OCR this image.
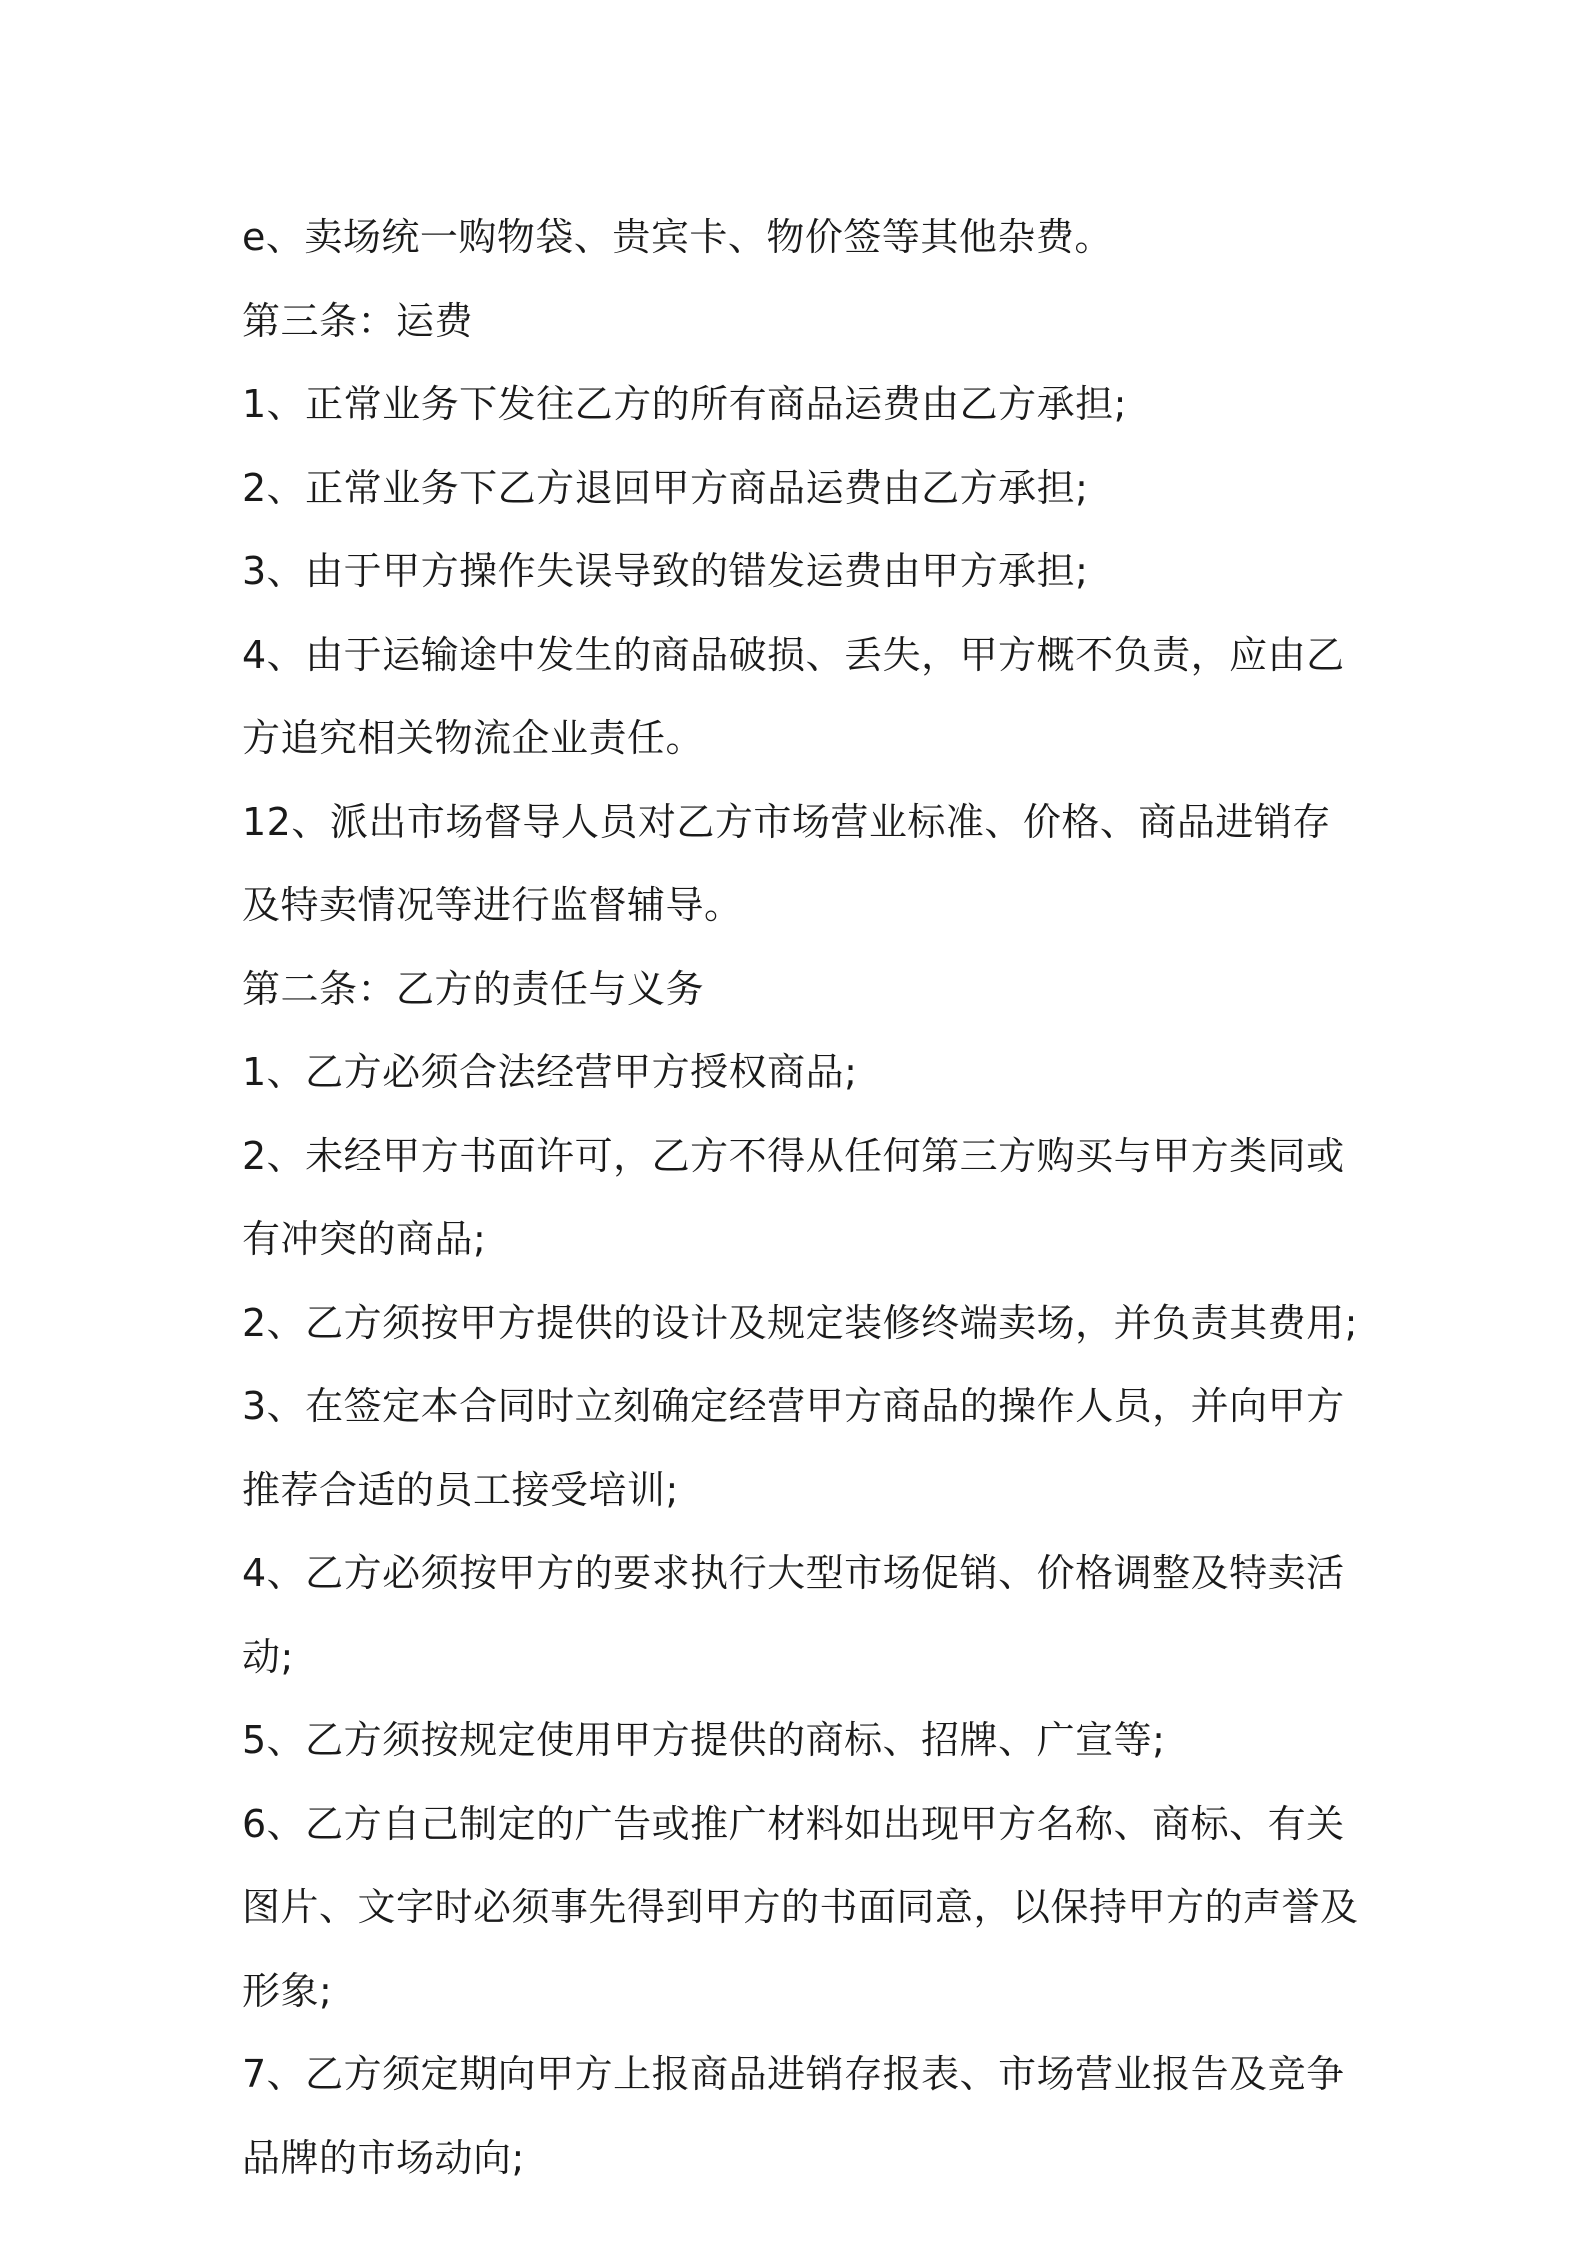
e、卖场统一购物袋、贵宾卡、物价签等其他杂费。

第三条：运费

1、正常业务下发往乙方的所有商品运费由乙方承担;

2、正常业务下乙方退回甲方商品运费由乙方承担;

3、由于甲方操作失误导致的错发运费由甲方承担;

4、由于运输途中发生的商品破损、丢失，甲方概不负责，应由乙方追究相关物流企业责任。

12、派出市场督导人员对乙方市场营业标准、价格、商品进销存及特卖情况等进行监督辅导。

第二条：乙方的责任与义务

1、乙方必须合法经营甲方授权商品;

2、未经甲方书面许可，乙方不得从任何第三方购买与甲方类同或有冲突的商品;

2、乙方须按甲方提供的设计及规定装修终端卖场，并负责其费用;

3、在签定本合同时立刻确定经营甲方商品的操作人员，并向甲方推荐合适的员工接受培训;

4、乙方必须按甲方的要求执行大型市场促销、价格调整及特卖活动;

5、乙方须按规定使用甲方提供的商标、招牌、广宣等;

6、乙方自己制定的广告或推广材料如出现甲方名称、商标、有关图片、文字时必须事先得到甲方的书面同意，以保持甲方的声誉及形象;

7、乙方须定期向甲方上报商品进销存报表、市场营业报告及竞争品牌的市场动向;
